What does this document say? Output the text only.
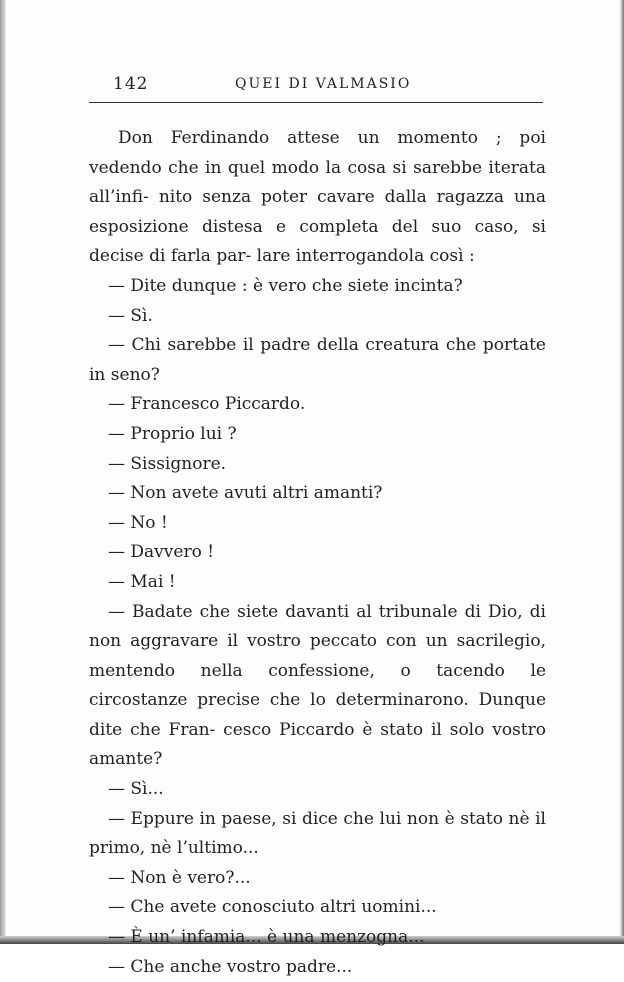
142	QUEI DI VALMASIO

Don Ferdinando attese un momento ; poi vedendo che in quel modo la cosa si sarebbe iterata all’infi- nito senza poter cavare dalla ragazza una esposizione distesa e completa del suo caso, si decise di farla par- lare interrogandola così :

— Dite dunque : è vero che siete incinta?

— Sì.

— Chi sarebbe il padre della creatura che portate in seno?

— Francesco Piccardo.

— Proprio lui ?

— Sissignore.

— Non avete avuti altri amanti?

— No !

— Davvero !

— Mai !

— Badate che siete davanti al tribunale di Dio, di non aggravare il vostro peccato con un sacrilegio, mentendo nella confessione, o tacendo le circostanze precise che lo determinarono. Dunque dite che Fran- cesco Piccardo è stato il solo vostro amante?

— Sì...

— Eppure in paese, si dice che lui non è stato nè il primo, nè l’ultimo...

— Non è vero?...

— Che avete conosciuto altri uomini...

— È un’ infamia... è una menzogna...

— Che anche vostro padre...
